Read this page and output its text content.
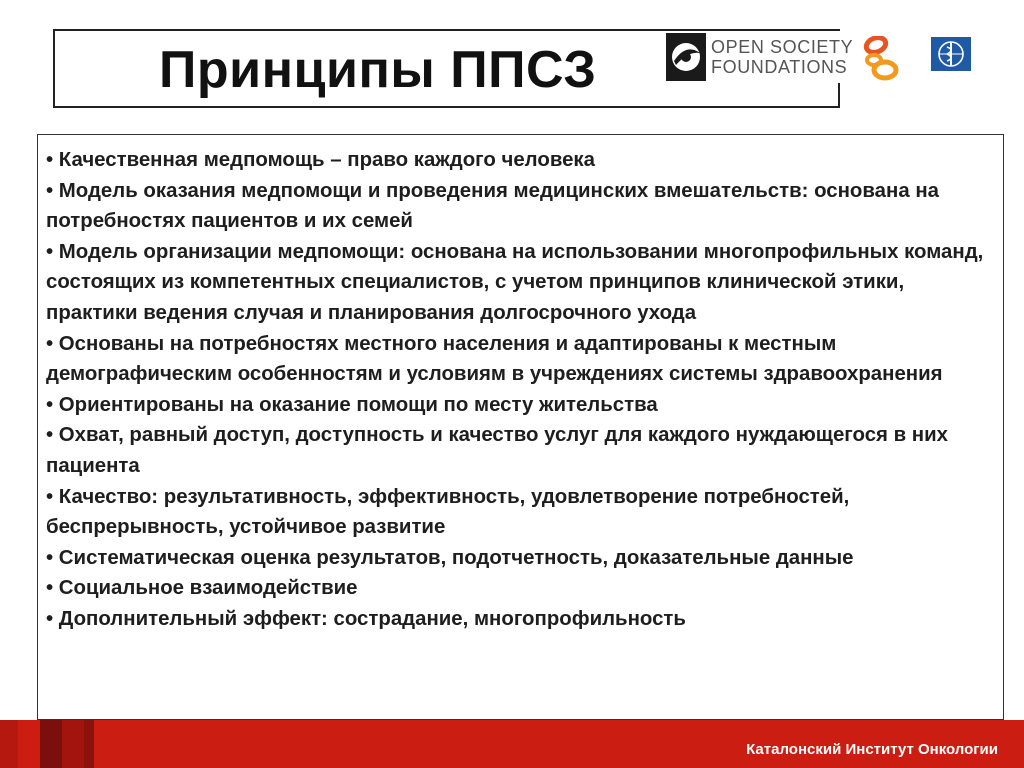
Принципы ППСЗ	OPEN SOCIETY
FOUNDATIONS
• Качественная медпомощь – право каждого человека
• Модель оказания медпомощи и проведения медицинских вмешательств: основана на потребностях пациентов и их семей
• Модель организации медпомощи: основана на использовании многопрофильных команд, состоящих из компетентных специалистов, с учетом принципов клинической этики, практики ведения случая и планирования долгосрочного ухода
• Основаны на потребностях местного населения и адаптированы к местным демографическим особенностям и условиям в учреждениях системы здравоохранения
• Ориентированы на оказание помощи по месту жительства
• Охват, равный доступ, доступность и качество услуг для каждого нуждающегося в них пациента
• Качество: результативность, эффективность, удовлетворение потребностей, беспрерывность, устойчивое развитие
• Систематическая оценка результатов, подотчетность, доказательные данные
• Социальное взаимодействие
• Дополнительный эффект: сострадание, многопрофильность
Каталонский Институт Онкологии
